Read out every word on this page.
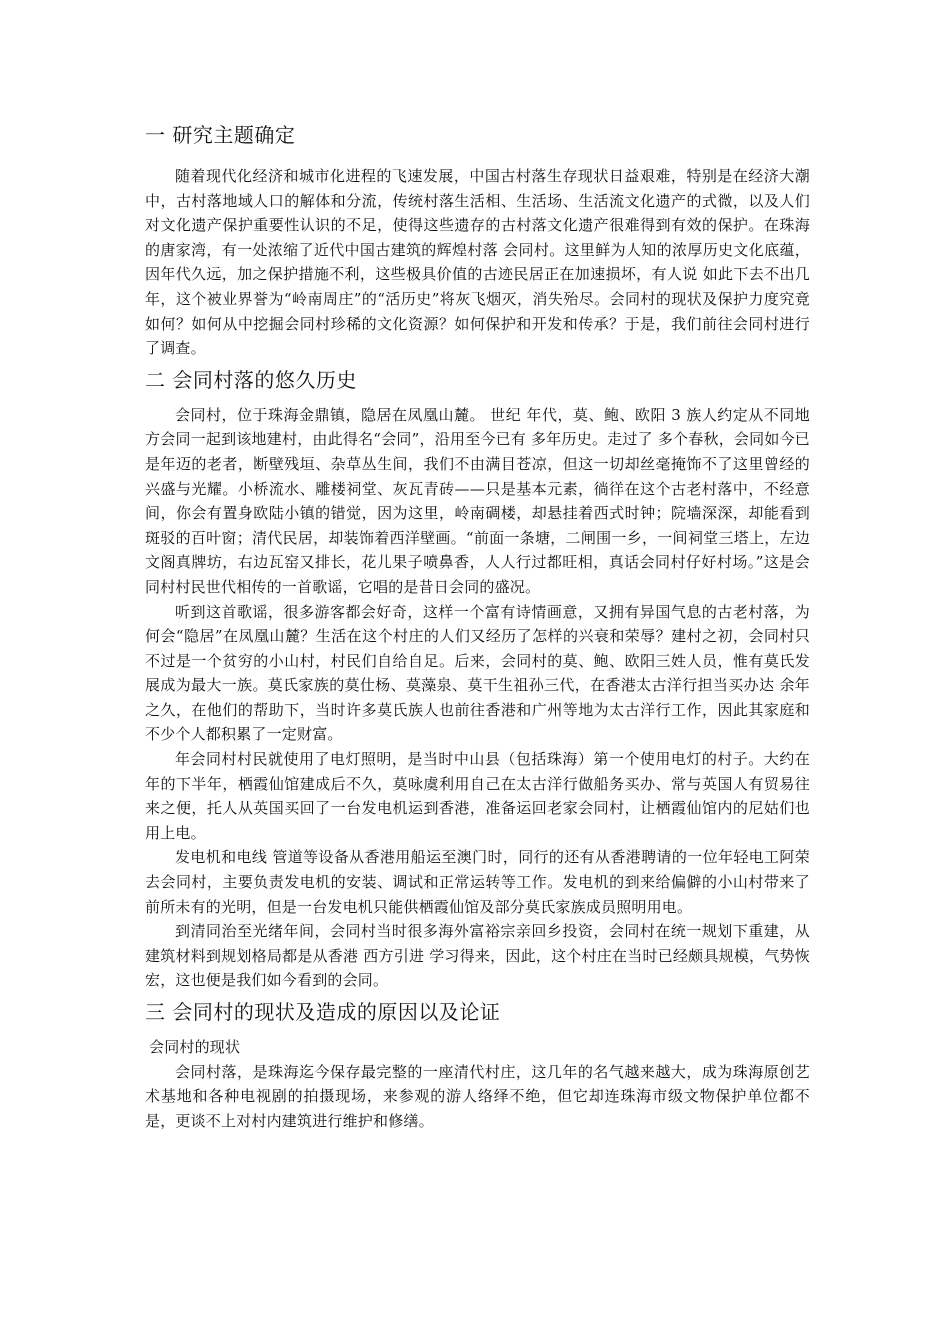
一 研究主题确定

随着现代化经济和城市化进程的飞速发展，中国古村落生存现状日益艰难，特别是在经济大潮中，古村落地域人口的解体和分流，传统村落生活相、生活场、生活流文化遗产的式微，以及人们对文化遗产保护重要性认识的不足，使得这些遗存的古村落文化遗产很难得到有效的保护。在珠海的唐家湾，有一处浓缩了近代中国古建筑的辉煌村落 会同村。这里鲜为人知的浓厚历史文化底蕴，因年代久远，加之保护措施不利，这些极具价值的古迹民居正在加速损坏，有人说 如此下去不出几年，这个被业界誉为“岭南周庄”的“活历史”将灰飞烟灭，消失殆尽。会同村的现状及保护力度究竟如何？如何从中挖掘会同村珍稀的文化资源？如何保护和开发和传承？于是，我们前往会同村进行了调查。

二 会同村落的悠久历史

会同村，位于珠海金鼎镇，隐居在凤凰山麓。 世纪 年代，莫、鲍、欧阳 3 族人约定从不同地方会同一起到该地建村，由此得名“会同”，沿用至今已有 多年历史。走过了 多个春秋，会同如今已是年迈的老者，断壁残垣、杂草丛生间，我们不由满目苍凉，但这一切却丝毫掩饰不了这里曾经的兴盛与光耀。小桥流水、雕楼祠堂、灰瓦青砖——只是基本元素，徜徉在这个古老村落中，不经意间，你会有置身欧陆小镇的错觉，因为这里，岭南碉楼，却悬挂着西式时钟；院墙深深，却能看到斑驳的百叶窗；清代民居，却装饰着西洋壁画。“前面一条塘，二闸围一乡，一间祠堂三塔上，左边文阁真牌坊，右边瓦窑又排长，花儿果子喷鼻香，人人行过都旺相，真话会同村仔好村场。”这是会同村村民世代相传的一首歌谣，它唱的是昔日会同的盛况。

听到这首歌谣，很多游客都会好奇，这样一个富有诗情画意，又拥有异国气息的古老村落，为何会“隐居”在凤凰山麓？生活在这个村庄的人们又经历了怎样的兴衰和荣辱？建村之初，会同村只不过是一个贫穷的小山村，村民们自给自足。后来，会同村的莫、鲍、欧阳三姓人员，惟有莫氏发展成为最大一族。莫氏家族的莫仕杨、莫藻泉、莫干生祖孙三代，在香港太古洋行担当买办达 余年之久，在他们的帮助下，当时许多莫氏族人也前往香港和广州等地为太古洋行工作，因此其家庭和不少个人都积累了一定财富。

年会同村村民就使用了电灯照明，是当时中山县（包括珠海）第一个使用电灯的村子。大约在 年的下半年，栖霞仙馆建成后不久，莫咏虞利用自己在太古洋行做船务买办、常与英国人有贸易往来之便，托人从英国买回了一台发电机运到香港，准备运回老家会同村，让栖霞仙馆内的尼姑们也用上电。

发电机和电线 管道等设备从香港用船运至澳门时，同行的还有从香港聘请的一位年轻电工阿荣去会同村，主要负责发电机的安装、调试和正常运转等工作。发电机的到来给偏僻的小山村带来了前所未有的光明，但是一台发电机只能供栖霞仙馆及部分莫氏家族成员照明用电。

到清同治至光绪年间，会同村当时很多海外富裕宗亲回乡投资，会同村在统一规划下重建，从建筑材料到规划格局都是从香港 西方引进 学习得来，因此，这个村庄在当时已经颇具规模，气势恢宏，这也便是我们如今看到的会同。

三 会同村的现状及造成的原因以及论证

会同村的现状

会同村落，是珠海迄今保存最完整的一座清代村庄，这几年的名气越来越大，成为珠海原创艺术基地和各种电视剧的拍摄现场，来参观的游人络绎不绝，但它却连珠海市级文物保护单位都不是，更谈不上对村内建筑进行维护和修缮。
